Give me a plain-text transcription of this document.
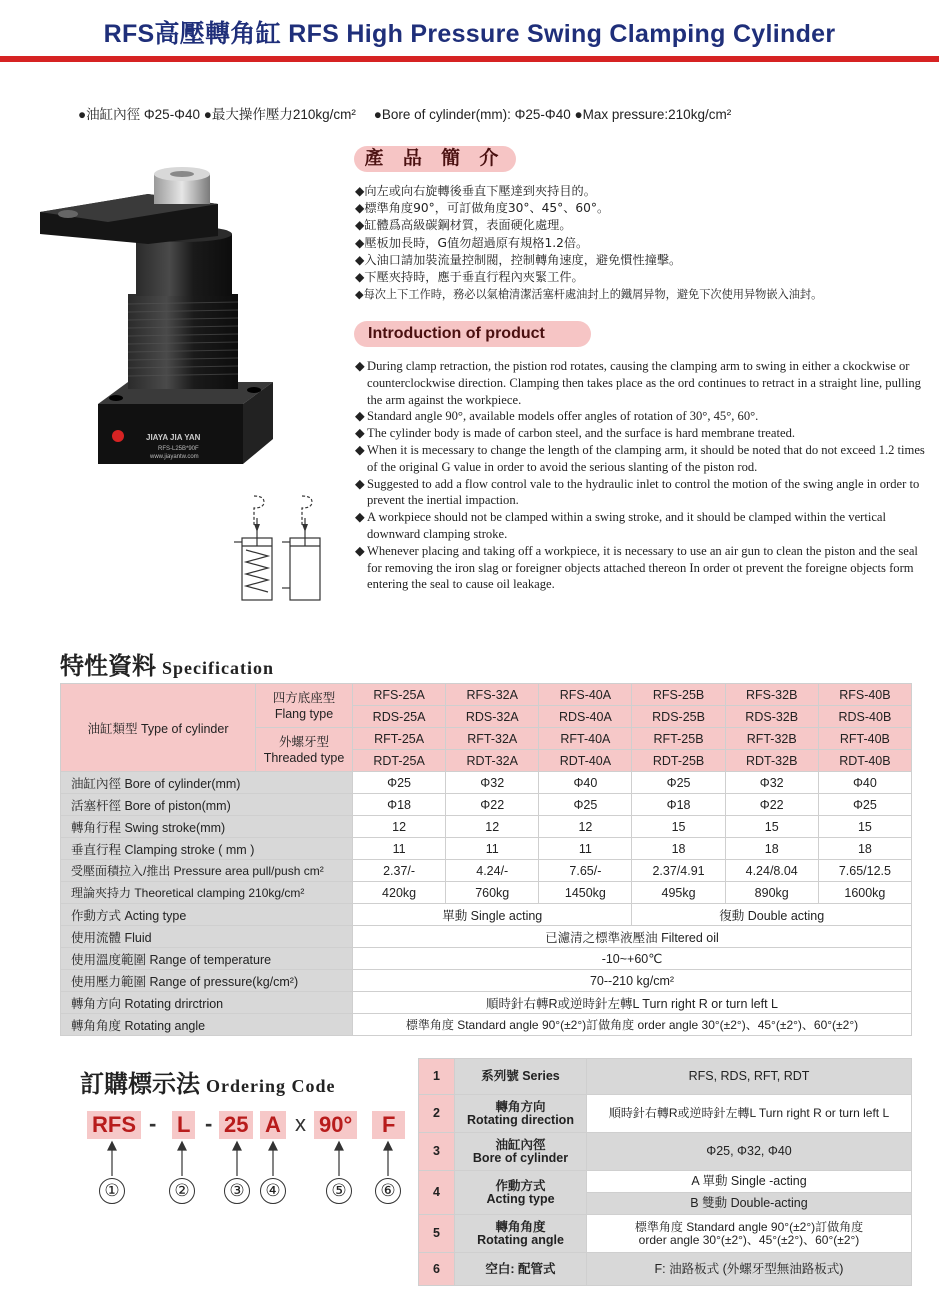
RFS高壓轉角缸 RFS High Pressure Swing Clamping Cylinder
●油缸內徑 Φ25-Φ40 ●最大操作壓力210kg/cm² ●Bore of cylinder(mm): Φ25-Φ40 ●Max pressure:210kg/cm²
JIAYA JIA YAN
RFS-L25B*90F
www.jiayantw.com
產 品 簡 介
◆向左或向右旋轉後垂直下壓達到夾持目的。
◆標準角度90°，可訂做角度30°、45°、60°。
◆缸體爲高級碳鋼材質，表面硬化處理。
◆壓板加長時，G值勿超過原有規格1.2倍。
◆入油口請加裝流量控制閥，控制轉角速度，避免慣性撞擊。
◆下壓夾持時，應于垂直行程內夾緊工件。
◆每次上下工作時，務必以氣槍清潔活塞杆處油封上的鐵屑异物，避免下次使用异物嵌入油封。
Introduction of product
◆ During clamp retraction, the pistion rod rotates, causing the clamping arm to swing in either a ckockwise or counterclockwise direction. Clamping then takes place as the ord continues to retract in a straight line, pulling the arm against the workpiece.
◆ Standard angle 90°, available models offer angles of rotation of 30°, 45°, 60°.
◆ The cylinder body is made of carbon steel, and the surface is hard membrane treated.
◆ When it is mecessary to change the length of the clamping arm, it should be noted that do not exceed 1.2 times of the original G value in order to avoid the serious slanting of the piston rod.
◆ Suggested to add a flow control vale to the hydraulic inlet to control the motion of the swing angle in order to prevent the inertial impaction.
◆ A workpiece should not be clamped within a swing stroke, and it should be clamped within the vertical downward clamping stroke.
◆ Whenever placing and taking off a workpiece, it is necessary to use an air gun to clean the piston and the seal for removing the iron slag or foreigner objects attached thereon In order ot prevent the foreigne objects form entering the seal to cause oil leakage.
特性資料 Specification
油缸類型 Type of cylinder	四方底座型
Flang type	RFS-25A	RFS-32A	RFS-40A	RFS-25B	RFS-32B	RFS-40B
		RDS-25A	RDS-32A	RDS-40A	RDS-25B	RDS-32B	RDS-40B
	外螺牙型
Threaded type	RFT-25A	RFT-32A	RFT-40A	RFT-25B	RFT-32B	RFT-40B
		RDT-25A	RDT-32A	RDT-40A	RDT-25B	RDT-32B	RDT-40B
油缸內徑 Bore of cylinder(mm)		Φ25	Φ32	Φ40	Φ25	Φ32	Φ40
活塞杆徑 Bore of piston(mm)		Φ18	Φ22	Φ25	Φ18	Φ22	Φ25
轉角行程 Swing stroke(mm)		12	12	12	15	15	15
垂直行程 Clamping stroke ( mm )		11	11	11	18	18	18
受壓面積拉入/推出 Pressure area pull/push cm²		2.37/-	4.24/-	7.65/-	2.37/4.91	4.24/8.04	7.65/12.5
理論夾持力 Theoretical clamping 210kg/cm²		420kg	760kg	1450kg	495kg	890kg	1600kg
作動方式 Acting type		單動 Single acting			復動 Double acting		
使用流體 Fluid		已濾清之標準液壓油 Filtered oil					
使用溫度範圍 Range of temperature		-10~+60℃					
使用壓力範圍 Range of pressure(kg/cm²)		70--210 kg/cm²					
轉角方向 Rotating drirctrion		順時針右轉R或逆時針左轉L Turn right R or turn left L					
轉角角度 Rotating angle		標準角度 Standard angle 90°(±2°)訂做角度 order angle 30°(±2°)、45°(±2°)、60°(±2°)					
訂購標示法 Ordering Code
RFS - L - 25 A x 90°	F
①	②	③	④	⑤	⑥
1	系列號 Series	RFS, RDS, RFT, RDT
2	轉角方向
Rotating direction	順時針右轉R或逆時針左轉L Turn right R or turn left L
3	油缸內徑
Bore of cylinder	Φ25, Φ32, Φ40
4	作動方式
Acting type	A 單動 Single -acting
		B 雙動 Double-acting
5	轉角角度
Rotating angle	標準角度 Standard angle 90°(±2°)訂做角度
order angle 30°(±2°)、45°(±2°)、60°(±2°)
6	空白: 配管式	F: 油路板式 (外螺牙型無油路板式)
